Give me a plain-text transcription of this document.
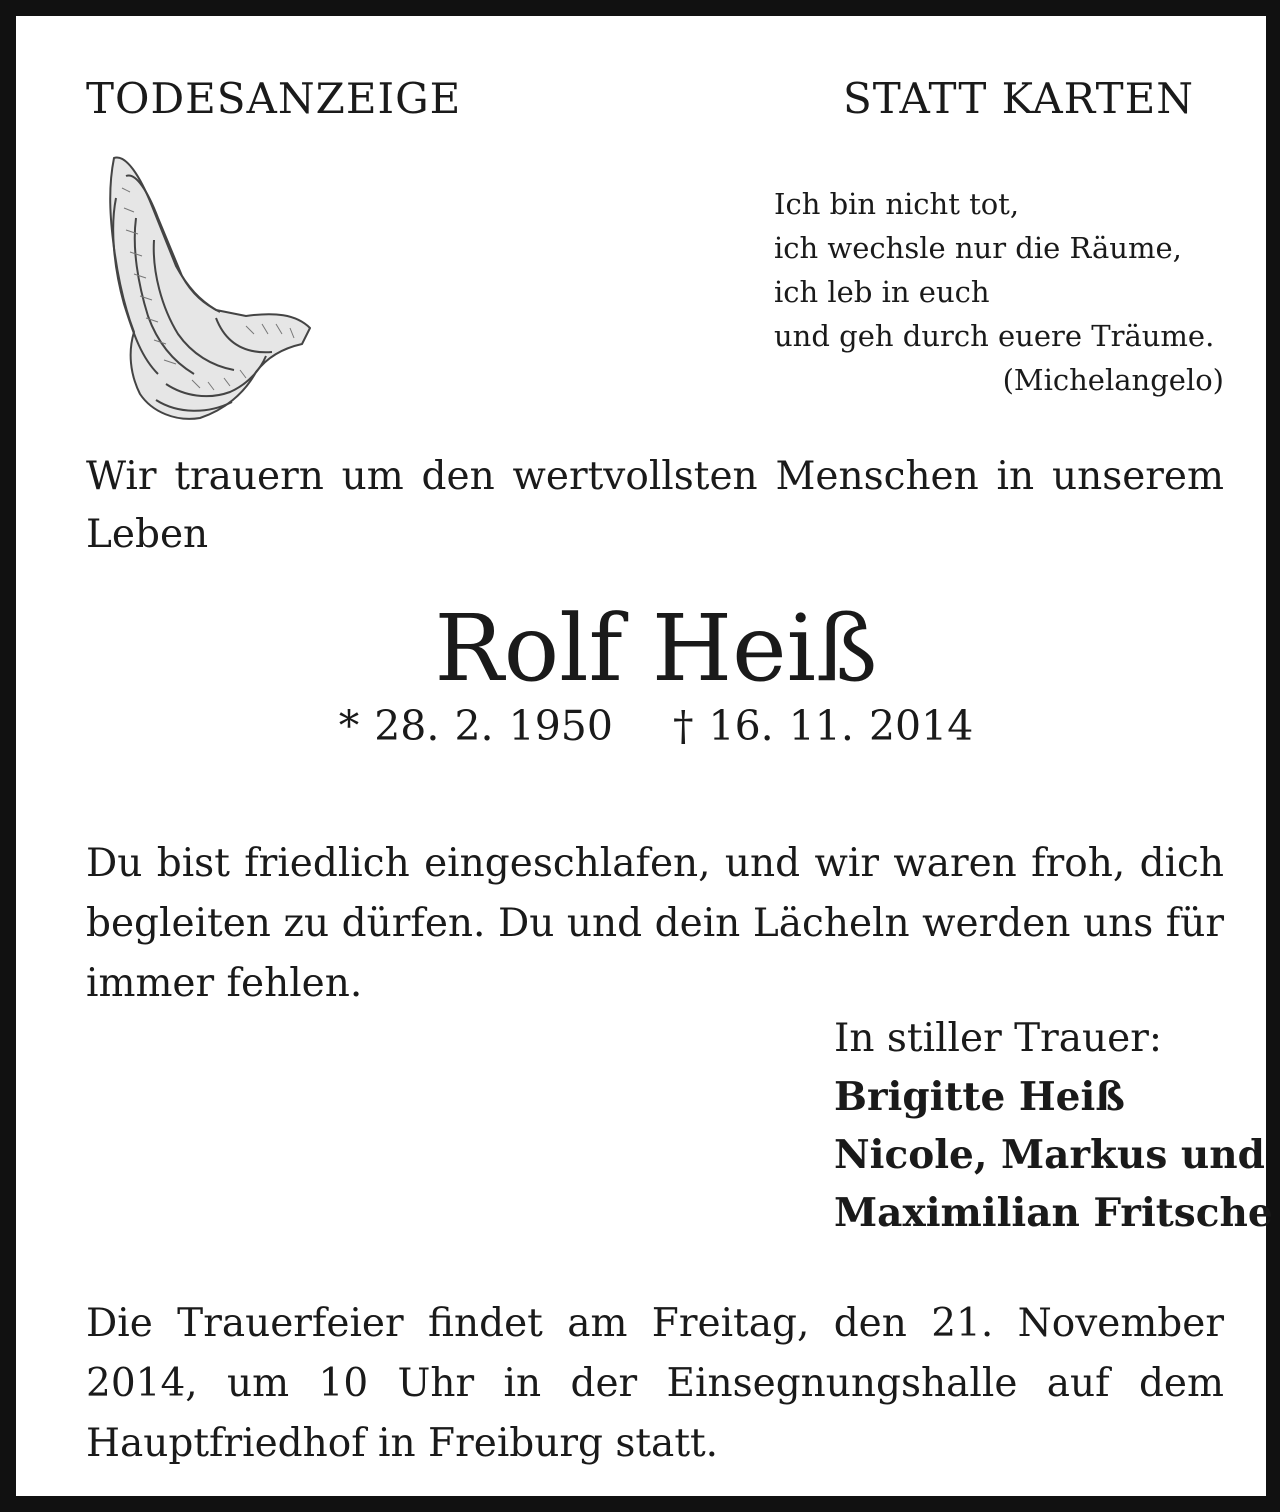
TODESANZEIGE	STATT KARTEN

Ich bin nicht tot,
ich wechsle nur die Räume,
ich leb in euch
und geh durch euere Träume.
(Michelangelo)

Wir trauern um den wertvollsten Menschen in unserem Leben

Rolf Heiß

* 28. 2. 1950 † 16. 11. 2014

Du bist friedlich eingeschlafen, und wir waren froh, dich begleiten zu dürfen. Du und dein Lächeln werden uns für immer fehlen.

In stiller Trauer:
Brigitte Heiß
Nicole, Markus und
Maximilian Fritsche

Die Trauerfeier findet am Freitag, den 21. November 2014, um 10 Uhr in der Einsegnungshalle auf dem Hauptfriedhof in Freiburg statt.
